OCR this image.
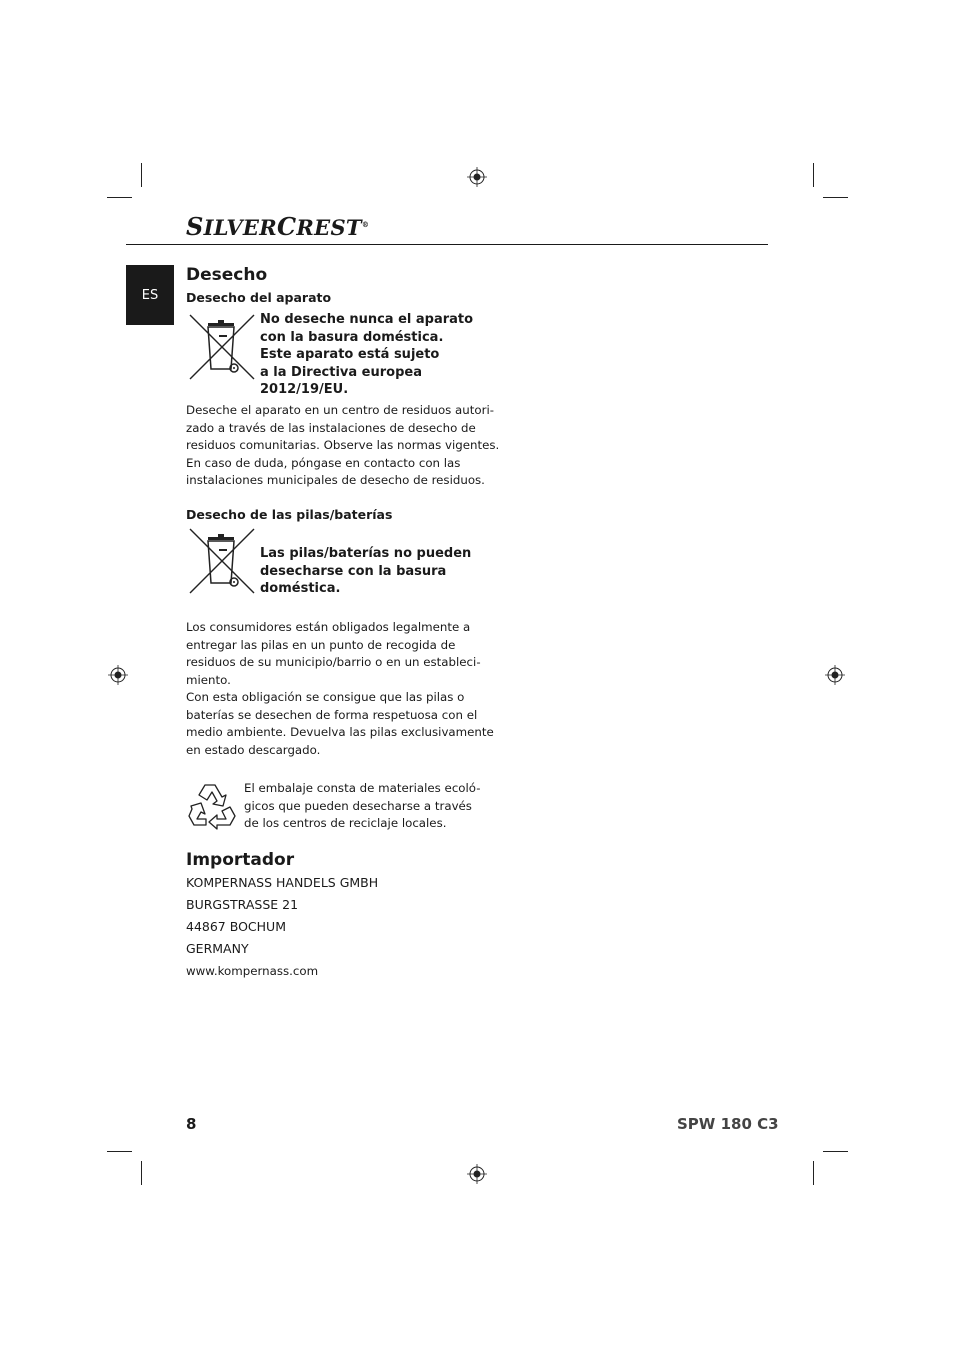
SILVERCREST®
ES
Desecho
Desecho del aparato
No deseche nunca el aparato
con la basura doméstica.
Este aparato está sujeto
a la Directiva europea
2012/19/EU.
Deseche el aparato en un centro de residuos autori-
zado a través de las instalaciones de desecho de
residuos comunitarias. Observe las normas vigentes.
En caso de duda, póngase en contacto con las
instalaciones municipales de desecho de residuos.
Desecho de las pilas/baterías
Las pilas/baterías no pueden
desecharse con la basura
doméstica.
Los consumidores están obligados legalmente a
entregar las pilas en un punto de recogida de
residuos de su municipio/barrio o en un estableci-
miento.
Con esta obligación se consigue que las pilas o
baterías se desechen de forma respetuosa con el
medio ambiente. Devuelva las pilas exclusivamente
en estado descargado.
El embalaje consta de materiales ecoló-
gicos que pueden desecharse a través
de los centros de reciclaje locales.
Importador
KOMPERNASS HANDELS GMBH
BURGSTRASSE 21
44867 BOCHUM
GERMANY
www.kompernass.com
8	SPW 180 C3
